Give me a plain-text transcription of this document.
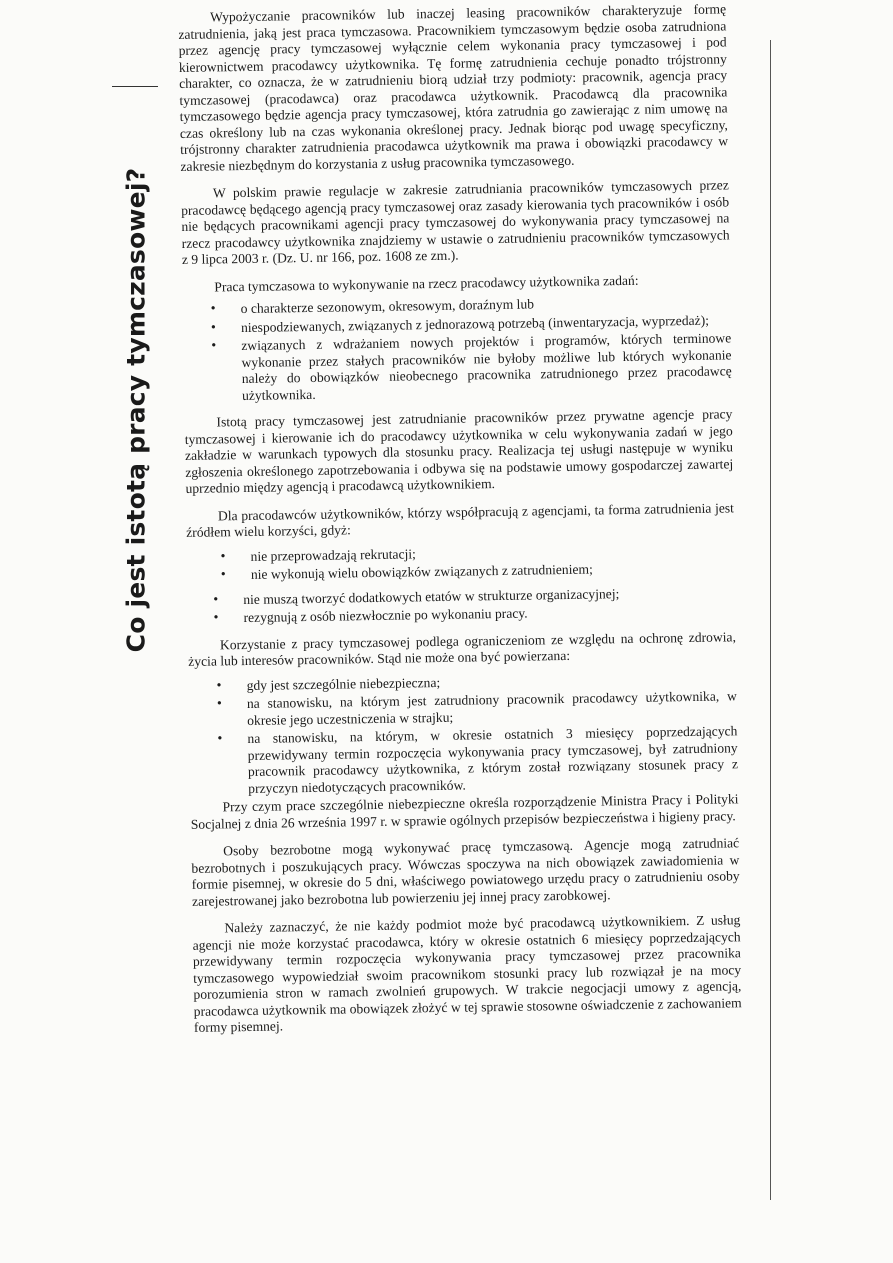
Co jest istotą pracy tymczasowej?

Wypożyczanie pracowników lub inaczej leasing pracowników charakteryzuje formę zatrudnienia, jaką jest praca tymczasowa. Pracownikiem tymczasowym będzie osoba zatrudniona przez agencję pracy tymczasowej wyłącznie celem wykonania pracy tymczasowej i pod kierownictwem pracodawcy użytkownika. Tę formę zatrudnienia cechuje ponadto trójstronny charakter, co oznacza, że w zatrudnieniu biorą udział trzy podmioty: pracownik, agencja pracy tymczasowej (pracodawca) oraz pracodawca użytkownik. Pracodawcą dla pracownika tymczasowego będzie agencja pracy tymczasowej, która zatrudnia go zawierając z nim umowę na czas określony lub na czas wykonania określonej pracy. Jednak biorąc pod uwagę specyficzny, trójstronny charakter zatrudnienia pracodawca użytkownik ma prawa i obowiązki pracodawcy w zakresie niezbędnym do korzystania z usług pracownika tymczasowego.

W polskim prawie regulacje w zakresie zatrudniania pracowników tymczasowych przez pracodawcę będącego agencją pracy tymczasowej oraz zasady kierowania tych pracowników i osób nie będących pracownikami agencji pracy tymczasowej do wykonywania pracy tymczasowej na rzecz pracodawcy użytkownika znajdziemy w ustawie o zatrudnieniu pracowników tymczasowych z 9 lipca 2003 r. (Dz. U. nr 166, poz. 1608 ze zm.).

Praca tymczasowa to wykonywanie na rzecz pracodawcy użytkownika zadań:

• o charakterze sezonowym, okresowym, doraźnym lub
• niespodziewanych, związanych z jednorazową potrzebą (inwentaryzacja, wyprzedaż);
• związanych z wdrażaniem nowych projektów i programów, których terminowe wykonanie przez stałych pracowników nie byłoby możliwe lub których wykonanie należy do obowiązków nieobecnego pracownika zatrudnionego przez pracodawcę użytkownika.

Istotą pracy tymczasowej jest zatrudnianie pracowników przez prywatne agencje pracy tymczasowej i kierowanie ich do pracodawcy użytkownika w celu wykonywania zadań w jego zakładzie w warunkach typowych dla stosunku pracy. Realizacja tej usługi następuje w wyniku zgłoszenia określonego zapotrzebowania i odbywa się na podstawie umowy gospodarczej zawartej uprzednio między agencją i pracodawcą użytkownikiem.

Dla pracodawców użytkowników, którzy współpracują z agencjami, ta forma zatrudnienia jest źródłem wielu korzyści, gdyż:

• nie przeprowadzają rekrutacji;
• nie wykonują wielu obowiązków związanych z zatrudnieniem;
• nie muszą tworzyć dodatkowych etatów w strukturze organizacyjnej;
• rezygnują z osób niezwłocznie po wykonaniu pracy.

Korzystanie z pracy tymczasowej podlega ograniczeniom ze względu na ochronę zdrowia, życia lub interesów pracowników. Stąd nie może ona być powierzana:

• gdy jest szczególnie niebezpieczna;
• na stanowisku, na którym jest zatrudniony pracownik pracodawcy użytkownika, w okresie jego uczestniczenia w strajku;
• na stanowisku, na którym, w okresie ostatnich 3 miesięcy poprzedzających przewidywany termin rozpoczęcia wykonywania pracy tymczasowej, był zatrudniony pracownik pracodawcy użytkownika, z którym został rozwiązany stosunek pracy z przyczyn niedotyczących pracowników.

Przy czym prace szczególnie niebezpieczne określa rozporządzenie Ministra Pracy i Polityki Socjalnej z dnia 26 września 1997 r. w sprawie ogólnych przepisów bezpieczeństwa i higieny pracy.

Osoby bezrobotne mogą wykonywać pracę tymczasową. Agencje mogą zatrudniać bezrobotnych i poszukujących pracy. Wówczas spoczywa na nich obowiązek zawiadomienia w formie pisemnej, w okresie do 5 dni, właściwego powiatowego urzędu pracy o zatrudnieniu osoby zarejestrowanej jako bezrobotna lub powierzeniu jej innej pracy zarobkowej.

Należy zaznaczyć, że nie każdy podmiot może być pracodawcą użytkownikiem. Z usług agencji nie może korzystać pracodawca, który w okresie ostatnich 6 miesięcy poprzedzających przewidywany termin rozpoczęcia wykonywania pracy tymczasowej przez pracownika tymczasowego wypowiedział swoim pracownikom stosunki pracy lub rozwiązał je na mocy porozumienia stron w ramach zwolnień grupowych. W trakcie negocjacji umowy z agencją, pracodawca użytkownik ma obowiązek złożyć w tej sprawie stosowne oświadczenie z zachowaniem formy pisemnej.
